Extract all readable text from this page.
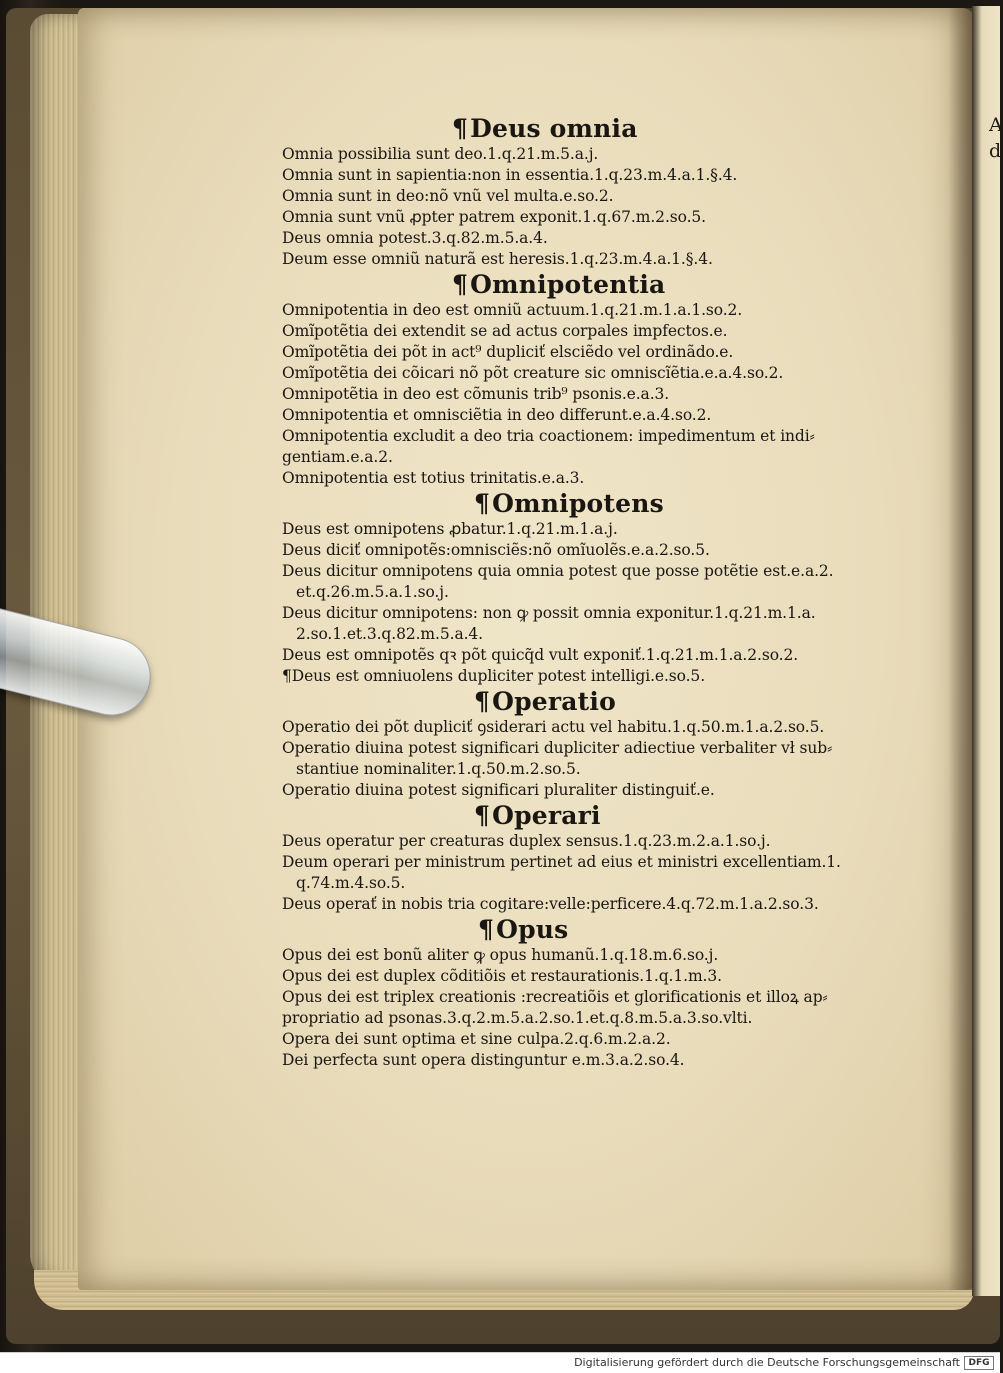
A
d
¶Deus omnia
Omnia possibilia sunt deo.1.q.21.m.5.a.j.
Omnia sunt in sapientia:non in essentia.1.q.23.m.4.a.1.§.4.
Omnia sunt in deo:nõ vnũ vel multa.e.so.2.
Omnia sunt vnũ ꝓpter patrem exponit.1.q.67.m.2.so.5.
Deus omnia potest.3.q.82.m.5.a.4.
Deum esse omniũ naturã est heresis.1.q.23.m.4.a.1.§.4.
¶Omnipotentia
Omnipotentia in deo est omniũ actuum.1.q.21.m.1.a.1.so.2.
Omĩpotẽtia dei extendit se ad actus corpales impfectos.e.
Omĩpotẽtia dei põt in act⁹ dupliciť elsciẽdo vel ordinãdo.e.
Omĩpotẽtia dei cõicari nõ põt creature sic omniscĩẽtia.e.a.4.so.2.
Omnipotẽtia in deo est cõmunis trib⁹ psonis.e.a.3.
Omnipotentia et omnisciẽtia in deo differunt.e.a.4.so.2.
Omnipotentia excludit a deo tria coactionem: impedimentum et indi⸗
gentiam.e.a.2.
Omnipotentia est totius trinitatis.e.a.3.
¶Omnipotens
Deus est omnipotens ꝓbatur.1.q.21.m.1.a.j.
Deus diciť omnipotẽs:omnisciẽs:nõ omĩuolẽs.e.a.2.so.5.
Deus dicitur omnipotens quia omnia potest que posse potẽtie est.e.a.2.
et.q.26.m.5.a.1.so.j.
Deus dicitur omnipotens: non ꝙ possit omnia exponitur.1.q.21.m.1.a.
2.so.1.et.3.q.82.m.5.a.4.
Deus est omnipotẽs qꝛ põt quicq̃d vult exponiť.1.q.21.m.1.a.2.so.2.
¶Deus est omniuolens dupliciter potest intelligi.e.so.5.
¶Operatio
Operatio dei põt dupliciť ꝯsiderari actu vel habitu.1.q.50.m.1.a.2.so.5.
Operatio diuina potest significari dupliciter adiectiue verbaliter vł sub⸗
stantiue nominaliter.1.q.50.m.2.so.5.
Operatio diuina potest significari pluraliter distinguiť.e.
¶Operari
Deus operatur per creaturas duplex sensus.1.q.23.m.2.a.1.so.j.
Deum operari per ministrum pertinet ad eius et ministri excellentiam.1.
q.74.m.4.so.5.
Deus operať in nobis tria cogitare:velle:perficere.4.q.72.m.1.a.2.so.3.
¶Opus
Opus dei est bonũ aliter ꝙ opus humanũ.1.q.18.m.6.so.j.
Opus dei est duplex cõditiõis et restaurationis.1.q.1.m.3.
Opus dei est triplex creationis :recreatiõis et glorificationis et illoꝝ ap⸗
propriatio ad psonas.3.q.2.m.5.a.2.so.1.et.q.8.m.5.a.3.so.vlti.
Opera dei sunt optima et sine culpa.2.q.6.m.2.a.2.
Dei perfecta sunt opera distinguntur e.m.3.a.2.so.4.
Digitalisierung gefördert durch die Deutsche Forschungsgemeinschaft DFG
